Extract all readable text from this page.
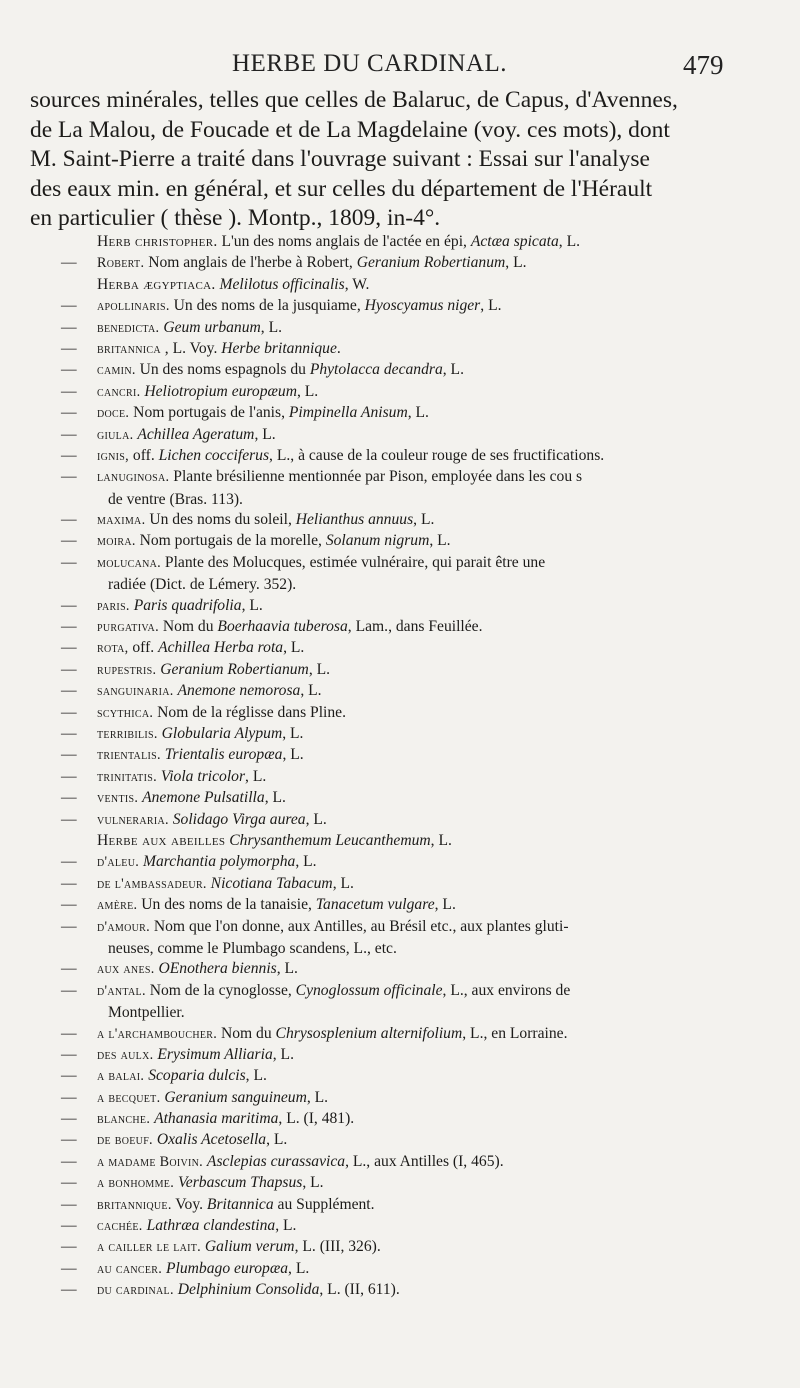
HERBE DU CARDINAL.	479
sources minérales, telles que celles de Balaruc, de Capus, d'Avennes,
de La Malou, de Foucade et de La Magdelaine (voy. ces mots), dont
M. Saint-Pierre a traité dans l'ouvrage suivant : Essai sur l'analyse
des eaux min. en général, et sur celles du département de l'Hérault
en particulier ( thèse ). Montp., 1809, in-4°.
Herb christopher. L'un des noms anglais de l'actée en épi, Actæa spicata, L.
— Robert. Nom anglais de l'herbe à Robert, Geranium Robertianum, L.
Herba ægyptiaca. Melilotus officinalis, W.
— apollinaris. Un des noms de la jusquiame, Hyoscyamus niger, L.
— benedicta. Geum urbanum, L.
— britannica , L. Voy. Herbe britannique.
— camin. Un des noms espagnols du Phytolacca decandra, L.
— cancri. Heliotropium europæum, L.
— doce. Nom portugais de l'anis, Pimpinella Anisum, L.
— giula. Achillea Ageratum, L.
— ignis, off. Lichen cocciferus, L., à cause de la couleur rouge de ses fructifications.
— lanuginosa. Plante brésilienne mentionnée par Pison, employée dans les cou s
de ventre (Bras. 113).
— maxima. Un des noms du soleil, Helianthus annuus, L.
— moira. Nom portugais de la morelle, Solanum nigrum, L.
— molucana. Plante des Molucques, estimée vulnéraire, qui parait être une
radiée (Dict. de Lémery. 352).
— paris. Paris quadrifolia, L.
— purgativa. Nom du Boerhaavia tuberosa, Lam., dans Feuillée.
— rota, off. Achillea Herba rota, L.
— rupestris. Geranium Robertianum, L.
— sanguinaria. Anemone nemorosa, L.
— scythica. Nom de la réglisse dans Pline.
— terribilis. Globularia Alypum, L.
— trientalis. Trientalis europæa, L.
— trinitatis. Viola tricolor, L.
— ventis. Anemone Pulsatilla, L.
— vulneraria. Solidago Virga aurea, L.
Herbe aux abeilles Chrysanthemum Leucanthemum, L.
— d'aleu. Marchantia polymorpha, L.
— de l'ambassadeur. Nicotiana Tabacum, L.
— amère. Un des noms de la tanaisie, Tanacetum vulgare, L.
— d'amour. Nom que l'on donne, aux Antilles, au Brésil etc., aux plantes gluti-
neuses, comme le Plumbago scandens, L., etc.
— aux anes. OEnothera biennis, L.
— d'antal. Nom de la cynoglosse, Cynoglossum officinale, L., aux environs de
Montpellier.
— a l'archamboucher. Nom du Chrysosplenium alternifolium, L., en Lorraine.
— des aulx. Erysimum Alliaria, L.
— a balai. Scoparia dulcis, L.
— a becquet. Geranium sanguineum, L.
— blanche. Athanasia maritima, L. (I, 481).
— de boeuf. Oxalis Acetosella, L.
— a madame Boivin. Asclepias curassavica, L., aux Antilles (I, 465).
— a bonhomme. Verbascum Thapsus, L.
— britannique. Voy. Britannica au Supplément.
— cachée. Lathræa clandestina, L.
— a cailler le lait. Galium verum, L. (III, 326).
— au cancer. Plumbago europæa, L.
— du cardinal. Delphinium Consolida, L. (II, 611).
